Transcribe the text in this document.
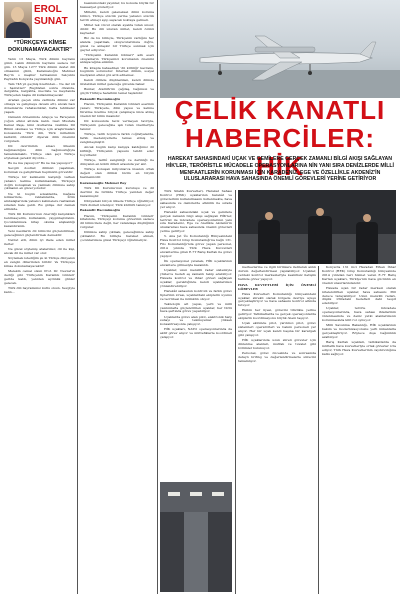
EROL
SUNAT
“TÜRKÇEYE KİMSE DOKUNAMAYACAKTIR”

Yarın 13 Mayıs, Türk dilinin bayramı günü. Lakin dilimizin bayramı sadece bir gün. 13 Mayıs 1277 Türk dilinin devlet dili olmasının günü, Karamanoğlu Mehmet Bey'in o meşhur fermanının Selçuklu Payitahtı Konya'da yayınlandığı gün.

Tam 746 yıl geçmiş üzerinden... Ne der idi o hazretler? Bugünden sonra divanda, dergâhta, bargâhta, mecliste ve meydanda Türkçeden başka dil kullanılmayacak!

Aradan geçen süre zarfında dilimiz var olmaya ve gelişmeye devam etti, ancak bazı dönemlerde rahatsızlıklar, hatta tehlikeler yaşadı.

Osmanlı döneminde Arapça ve Farsçanın yoğun etkisi altında kaldı. Gazi Mustafa Kemal Paşa, kimi dostlarına özellikle Dil Bilimi okuması ve Türkçe için araştırmaları konusunda 'Türk dili, Türk milletinin kalbidir, zihnidir' diyerek dilin önemini vurguladı.

Dil devriminin amacı ülkenin bağımsızlığını dilin bağımsızlığıyla tamamlamaktı. Türkçe olan şeyi Türkçe söylemek gerekir diyordu...

Bu ne ma yapısıyor? Bu ne ma yapısıyor?

Sevgili dostlar; dilimizi yaşatmak, korumak ve geliştirmek hepimizin görevidir.

Türkçe bir kelimenin karşılığı varken yabancı kelime kullanmamak, Türkçeyi doğru konuşmak ve yazmak; dilimize sahip çıkmanın en güzel yoludur.

Ne ki bugün sokaklarda, mağaza isimlerinde, reklamlarda, ürün ambalajlarında yabancı kelimelere rastlamak sıradan hale geldi. Bu gidişe dur demek elimizde.

Türk Dil Kurumu'nun önerdiği karşılıkları benimseyelim, kullanalım, yaygınlaştıralım. Çocuklarımıza kitap okuma alışkanlığı kazandıralım.

Yeni nesillerin dil bilincini güçlendirmek, geleceğimizi güçlendirmek demektir.

Netret etti, dilini iyi ifade eden millet ilerler.

Ne güzel söylemiş atalarımız; dil ile kişi, ancak dil ile millet var olur.

Söylemek istediğim şu ki Türkçe dünyanın en zengin dillerinden biridir. Ve Türkçeye kimse dokunamayacaktır!

Melekin cemal olsun Prof. Dr. Nevzat'ın dediği gibi 'Türkçenin Karanlık Günleri' geride kaldı, yeniden aydınlık günler gelecek.

Türk dili bayramımız kutlu olsun. Sevgiyle kalın...

basınımızdaki yayınlar, bu konuda büyük bir hassasiyet gösteriyor.

Milletin, kendi geleneksel dilini koruma bilinci, Türkçe sözcük yerine yabancı sözcük tercih etmeyi ayıp sayacak noktaya gelmeli.

Millet tek vücut olarak ayakta tutan unsur, dildir. Bu dili unutan millet, kendi özünü kaybeder.

Biz de bu bilinçle, Türkçenin varlığını her alanda yaşatmak, okuyucularımıza doğru, güzel ve anlaşılır bir Türkçe sunmak için gayret ediyoruz.

"Türkçenin Karanlık Günleri" adlı eseri okuyanların Türkçemizi korumanın önemini anlayacağına eminim.

Bu kitapta bahsedilen 'dil kirliliği' kavramı, bugünün sorunudur. İnternet dilinin, sosyal medyanın etkisi göz ardı edilemez.

Kendi dilinde düşünebilen, kendi dilinde üretebilen millet geleceğe güvenle bakar.

Bunlar, Atatürk'ün çağdaş, bağımsız ve güçlü Türkiye hedefinin temel taşlarıdır.

Bakandil Hacımimoğlu

Hacım, Türkçenin Karanlık Günleri eserinin yazarı; Türkçede, dilin yapısı ve kelime türetme üzerine birçok çalışmaya imza atmış önemli bir bilim insanıdır.

Dil konusunda taviz vermeyen tavrıyla, Türkçenin geleceğine ışık tutan önerileriyle tanınır.

Türkçe, tarih boyunca farklı coğrafyalarda, farklı medeniyetlerle temas etmiş ve zenginleşmiştir.

Ancak bugün karşı karşıya kaldığımız dil kirliliği, Türkçenin yapısını tehdit eder boyuttadır.

Türkçe, tarihî zenginliği ve derinliği ile dünyanın en köklü dilleri arasında yer alır.

Türkçe konuşan milyonlarca insanın ortak değeri olan dilimiz bizim en büyük hazinemizdir.

Karamanoğlu Mehmet Bey

Türk Dil Kurumu'nun kuruluşu ve dil devrimi ile birlikte Türkçe yeniden değer kazanmıştır.

Dünyadaki birçok ülkede Türkçe öğretiliyor, Türk dizileri izleniyor, Türk kültürü tanınıyor.

Bakandil Hacımimoğlu

Hacım, 'Türkçenin Karanlık Günleri' kitabında, Türkçeyi koruma görevinin sadece dil bilimcilere değil, her vatandaşa düştüğünü vurgular.

Dilimize sahip çıkmak, geleceğimize sahip çıkmaktır. Bu bilinçle hareket etmeli, çocuklarımıza güzel Türkçeyi öğretmeliyiz.

ÇELİK KANATLI
HABERCİLER: HİK
HAREKAT SAHASINDAKİ UÇAK VE GEMİLERE GERÇEK ZAMANLI BİLGİ AKIŞI SAĞLAYAN HİK'LER, TERÖRİSTLE MÜCADELE OPERASYONLARINA NİN YANI SIRA DENİZLERDE MİLLİ MENFAATLERİN KORUNMASI İÇİN KARADENİZ, EGE VE ÖZELLİKLE AKDENİZ'İN ULUSLARARASI HAVA SAHASINDA ÖNEMLİ GÖREVLERİ YERİNE GETİRİYOR

Türk Silahlı Kuvvetleri, Harekat Sahası Kontrol (HSK) uçaklarının harekât ve görevlerinin kullanılmasını üstlenmekte, hava sahasında ve denizlerde etkinlik ile sırada yer alıyor.

Harekât sahasındaki uçak ve gemilere gerçek zamanlı bilgi akışı sağlayan HİK'ler, terörist ile mücadele operasyonlarının yanı sıra Karadeniz, Ege ve özellikle Akdeniz'in uluslararası hava sahasında önemli görevleri yerine getiriyor.

5. Ana Jet Üs Komutanlığı Bünyesindeki Hava Kontrol Grup Komutanlığı'na bağlı 131. Filo Komutanlığı'nda görev yapan personel, 2014 yılında Türk Hava Kuvvetleri envanterine giren E-7T Barış Kartalı ile görev yapıyor.

İlk operasyonel yetenek, HİK uçaklarının envantere girmesiyle kazanıldı.

Uçaklar, uzun menzilli radar sistemiyle yüzlerce hedefi eş zamanlı takip edebiliyor. Havada kontrol ve ihbar görevi sağlayan uçaklar, gerektiğinde kendi uçaklarımızı yönlendirebiliyor.

Harekât sahasının kontrolü ve farklı görev tiplerinin icrası, uçaklardaki ekiplerin uyumu ve tecrübesi ile mümkün oluyor.

Teknolojik alt yapısı, yerli ve milli yazılımlarla güçlendirilen uçaklar, her türlü hava şartında görev yapabiliyor.

Uçaklarda görev alan pilot, elektronik harp subayı ve teknisyenler yüksek konsantrasyonla çalışıyor.

HİK uçakları, NATO operasyonlarında da aktif görev alıyor ve müttefiklerle koordineli çalışıyor.

merkezlerine ve ilgili birimlere iletilerek anlık durum değerlendirmesi yapılabiliyor. Uçaklar, yerdeki kontrol merkezleriyle kesintisiz iletişim halinde görev yapıyor.

HAVA KUVVETLERİ İÇİN ÖNEMLİ GÖREVLER

Hava Kuvvetleri Komutanlığı bünyesindeki uçaklar, sürekli olarak bölgede devriye uçuşu gerçekleştiriyor ve hava sahasını kontrol altında tutuyor.

Ekibin her üyesi, görevini titizlikle yerine getiriyor. Tatbikatlarda ve gerçek operasyonlarda ekiplerin koordinasyonu büyük önem taşıyor.

Uçak ekibinde pilot, yardımcı pilot, görev sistemleri operatörleri ve bakım personeli yer alıyor. Her bir uçak kendi başına bir karargah gibi çalışıyor.

HİK uçaklarında uzun süreli görevler için dinlenme alanları, mutfak ve tuvalet gibi bölümler bulunuyor.

Personel, görev öncesinde ve sonrasında detaylı brifing ve değerlendirmelerle sürecini tamamlıyor.

Konya'da 131 inci Havadan Erken İhbar Kontrol (HEK) Grup Komutanlığı bünyesinde 2014 yılından beri hizmet veren E-7T Barış Kartalı uçakları, Türkiye'nin hava gücünün en önemli unsurlarındandır.

Havada uçan bir radar merkezi olarak nitelendirilen uçaklar, hava sahasını 360 derece tarayabiliyor. Uzun menzilli radarı, düşük irtifadaki hedefleri dahi tespit edebiliyor.

Uçaklar, terörle mücadele operasyonlarında, hava sahası ihlallerinin önlenmesinde ve deniz yetki alanlarımızın korunmasında kilit rol oynuyor.

Milli Savunma Bakanlığı, HİK uçaklarının bakım ve modernizasyonunu yerli imkanlarla gerçekleştiriyor. Böylece dışa bağımlılık azaltılıyor.

Barış Kartalı uçakları, tatbikatlarda da müttefik hava kuvvetleriyle ortak görevler icra ediyor, Türk Hava Kuvvetlerinin caydırıcılığına katkı sağlıyor.
